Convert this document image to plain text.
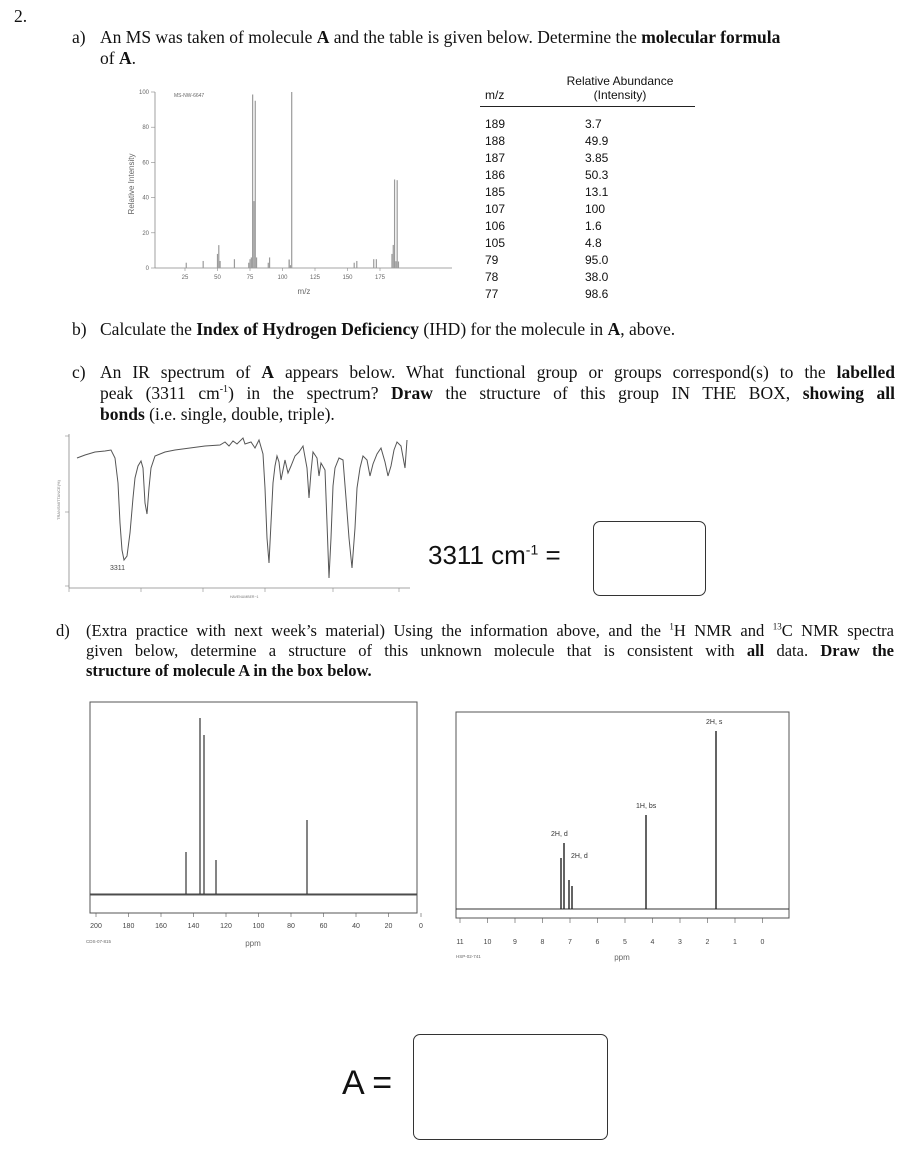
2.
a) An MS was taken of molecule A and the table is given below. Determine the molecular formula
of A.
MS-NW-6647
100
80
60
40
20
0
25	50	75	100	125	150	175
Relative Intensity
m/z
m/z	Relative Abundance
(Intensity)
189	3.7
188	49.9
187	3.85
186	50.3
185	13.1
107	100
106	1.6
105	4.8
79	95.0
78	38.0
77	98.6
b) Calculate the Index of Hydrogen Deficiency (IHD) for the molecule in A, above.
c) An IR spectrum of A appears below. What functional group or groups correspond(s) to the labelled
peak (3311 $cm^{-1}$) in the spectrum? Draw the structure of this group IN THE BOX, showing all
bonds (i.e. single, double, triple).
TRANSMITTANCE(%)
3311
HAVENUMBER−1
3311 $cm^{-1}$ =
d) (Extra practice with next week’s material) Using the information above, and the $^1$H NMR and $^{13}$C NMR spectra
given below, determine a structure of this unknown molecule that is consistent with all data. Draw the
structure of molecule A in the box below.
200	180	160	140	120	100	80	60	40	20	0
ppm
CDS-07-815
2H, s
1H, bs
2H, d
2H, d
11	10	9	8	7	6	5	4	3	2	1	0
ppm
HSP-02-741
A =
